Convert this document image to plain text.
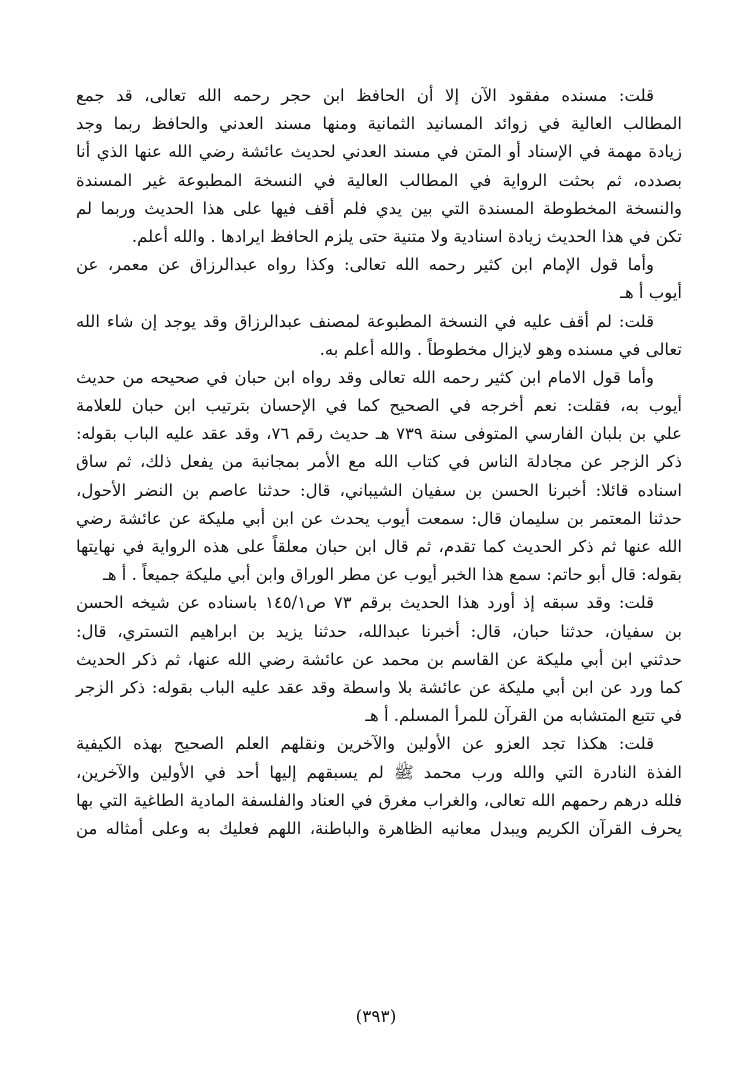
قلت: مسنده مفقود الآن إلا أن الحافظ ابن حجر رحمه الله تعالى، قد جمع
المطالب العالية في زوائد المسانيد الثمانية ومنها مسند العدني والحافظ ربما وجد
زيادة مهمة في الإسناد أو المتن في مسند العدني لحديث عائشة رضي الله عنها الذي أنا
بصدده، ثم بحثت الرواية في المطالب العالية في النسخة المطبوعة غير المسندة
والنسخة المخطوطة المسندة التي بين يدي فلم أقف فيها على هذا الحديث وربما لم
تكن في هذا الحديث زيادة اسنادية ولا متنية حتى يلزم الحافظ ايرادها . والله أعلم.
وأما قول الإمام ابن كثير رحمه الله تعالى: وكذا رواه عبدالرزاق عن معمر، عن
أيوب أ هـ
قلت: لم أقف عليه في النسخة المطبوعة لمصنف عبدالرزاق وقد يوجد إن شاء الله
تعالى في مسنده وهو لايزال مخطوطاً . والله أعلم به.
وأما قول الامام ابن كثير رحمه الله تعالى وقد رواه ابن حبان في صحيحه من حديث
أيوب به، فقلت: نعم أخرجه في الصحيح كما في الإحسان بترتيب ابن حبان للعلامة
علي بن بلبان الفارسي المتوفى سنة ٧٣٩ هـ حديث رقم ٧٦، وقد عقد عليه الباب بقوله:
ذكر الزجر عن مجادلة الناس في كتاب الله مع الأمر بمجانبة من يفعل ذلك، ثم ساق
اسناده قائلا: أخبرنا الحسن بن سفيان الشيباني، قال: حدثنا عاصم بن النضر الأحول،
حدثنا المعتمر بن سليمان قال: سمعت أيوب يحدث عن ابن أبي مليكة عن عائشة رضي
الله عنها ثم ذكر الحديث كما تقدم، ثم قال ابن حبان معلقاً على هذه الرواية في نهايتها
بقوله: قال أبو حاتم: سمع هذا الخبر أيوب عن مطر الوراق وابن أبي مليكة جميعاً . أ هـ
قلت: وقد سبقه إذ أورد هذا الحديث برقم ٧٣ ص١٤٥/١ باسناده عن شيخه الحسن
بن سفيان، حدثنا حبان، قال: أخبرنا عبدالله، حدثنا يزيد بن ابراهيم التستري، قال:
حدثني ابن أبي مليكة عن القاسم بن محمد عن عائشة رضي الله عنها، ثم ذكر الحديث
كما ورد عن ابن أبي مليكة عن عائشة بلا واسطة وقد عقد عليه الباب بقوله: ذكر الزجر
في تتبع المتشابه من القرآن للمرأ المسلم. أ هـ
قلت: هكذا تجد العزو عن الأولين والآخرين ونقلهم العلم الصحيح بهذه الكيفية
الفذة النادرة التي والله ورب محمد ﷺ لم يسبقهم إليها أحد في الأولين والآخرين،
فلله درهم رحمهم الله تعالى، والغراب مغرق في العناد والفلسفة المادية الطاغية التي بها
يحرف القرآن الكريم ويبدل معانيه الظاهرة والباطنة، اللهم فعليك به وعلى أمثاله من
(٣٩٣)
